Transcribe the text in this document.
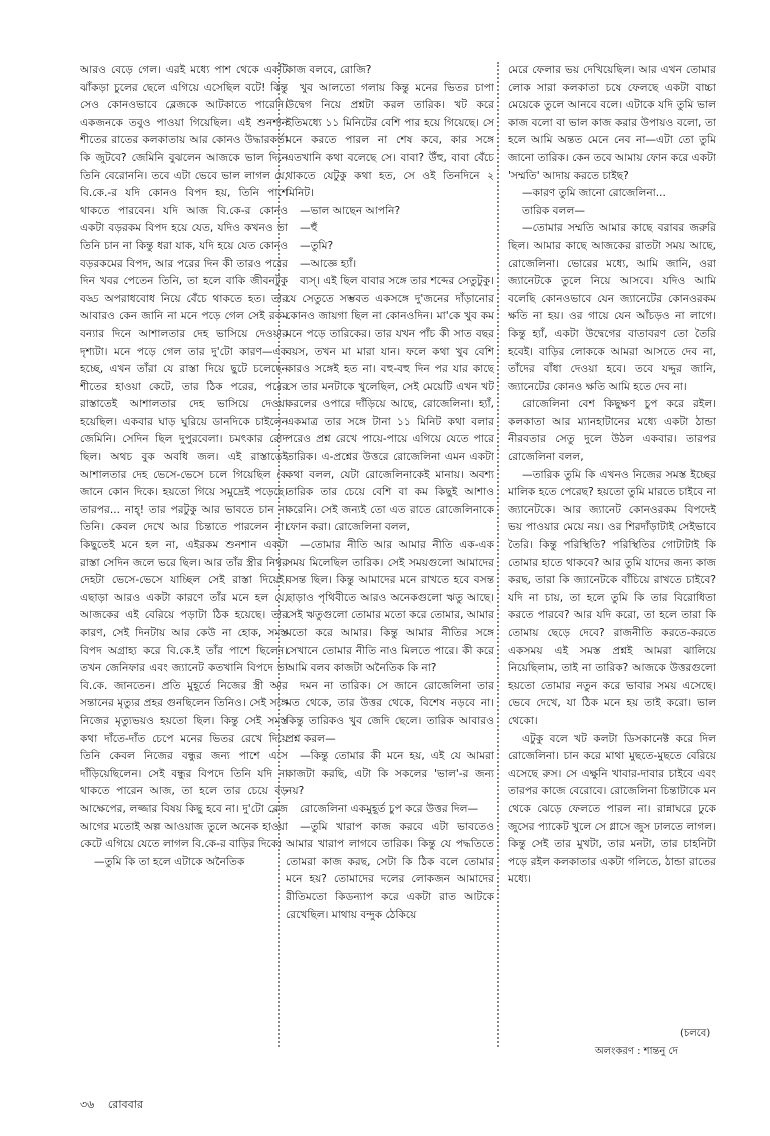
আরও বেড়ে গেল। এরই মধ্যে পাশ থেকে একটি ঝাঁকড়া চুলের ছেলে এগিয়ে এসেছিল বটে! কিন্তু সেও কোনওভাবে ব্লেজকে আটকাতে পারেনি। একজনকে তবুও পাওয়া গিয়েছিল। এই শুনশান শীতের রাতের কলকাতায় আর কোনও উদ্ধারকর্তা কি জুটবে? জেমিনি বুঝলেন আজকে ভাল দিনে তিনি বেরোননি। তবে এটা ভেবে ভাল লাগল যে, বি.কে.-র যদি কোনও বিপদ হয়, তিনি পাশে থাকতে পারবেন। যদি আজ বি.কে-র কোনও একটা বড়রকম বিপদ হয়ে যেত, যদিও কখনও তা তিনি চান না কিন্তু ধরা যাক, যদি হয়ে যেত কোনও বড়রকমের বিপদ, আর পরের দিন কী তারও পরের দিন খবর পেতেন তিনি, তা হলে বাকি জীবনটুকু বড্ড অপরাধবোধ নিয়ে বেঁচে থাকতে হত। তার আবারও কেন জানি না মনে পড়ে গেল সেই রকম বন্যার দিনে আশালতার দেহ ভাসিয়ে দেওয়ার দৃশ্যটা। মনে পড়ে গেল তার দু'টো কারণ—এক হচ্ছে, এখন তাঁরা যে রাস্তা দিয়ে ছুটে চলেছেন শীতের হাওয়া কেটে, তার ঠিক পরের, পরের রাস্তাতেই আশালতার দেহ ভাসিয়ে দেওয়া হয়েছিল। একবার ঘাড় ঘুরিয়ে ডানদিকে চাইলেন জেমিনি। সেদিন ছিল দুপুরবেলা। চমৎকার রোদ ছিল। অথচ বুক অবধি জল। এই রাস্তাতেই আশালতার দেহ ভেসে-ভেসে চলে গিয়েছিল কে জানে কোন দিকে। হয়তো গিয়ে সমুদ্রেই পড়েছে। তারপর... নাহ্! তার পরটুকু আর ভাবতে চান না তিনি। কেবল দেখে আর চিন্তাতে পারলেন না। কিছুতেই মনে হল না, এইরকম শুনশান একটা রাস্তা সেদিন জলে ভরে ছিল। আর তাঁর স্ত্রীর নিথর দেহটা ভেসে-ভেসে যাচ্ছিল সেই রাস্তা দিয়েই। এছাড়া আরও একটা কারণে তাঁর মনে হল যে, আজকের এই বেরিয়ে পড়াটা ঠিক হয়েছে। তার কারণ, সেই দিনটায় আর কেউ না হোক, সমস্ত বিপদ অগ্রাহ্য করে বি.কে.ই তাঁর পাশে ছিলেন। তখন জেনিফার এবং জ্যানেট কতখানি বিপদে তা বি.কে. জানতেন। প্রতি মুহূর্তে নিজের স্ত্রী আর সন্তানের মৃত্যুর প্রহর গুনছিলেন তিনিও। সেই সঙ্গে নিজের মৃত্যুভয়ও হয়তো ছিল। কিন্তু সেই সমস্ত কথা দাঁতে-দাঁত চেপে মনের ভিতর রেখে দিয়ে তিনি কেবল নিজের বন্ধুর জন্য পাশে এসে দাঁড়িয়েছিলেন। সেই বন্ধুর বিপদে তিনি যদি না থাকতে পারেন আজ, তা হলে তার চেয়ে বড় আক্ষেপের, লজ্জার বিষয় কিছু হবে না। দু'টো ব্লেজ আগের মতোই অল্প আওয়াজ তুলে অনেক হাওয়া কেটে এগিয়ে যেতে লাগল বি.কে-র বাড়ির দিকে।

—তুমি কি তা হলে এটাকে অনৈতিক

কাজ বলবে, রোজি?

খুব আলতো গলায় কিন্তু মনের ভিতর চাপা উদ্বেগ নিয়ে প্রশ্নটা করল তারিক। খট করে ইতিমধ্যে ১১ মিনিটের বেশি পার হয়ে গিয়েছে। সে মনে করতে পারল না শেষ কবে, কার সঙ্গে এতখানি কথা বলেছে সে। বাবা? উঁহু, বাবা বেঁচে থাকতে যেটুকু কথা হত, সে ওই তিনদিনে ২ মিনিট।

—ভাল আছেন আপনি?

—হুঁ

—তুমি?

—আজ্ঞে হ্যাঁ।

ব্যস্। এই ছিল বাবার সঙ্গে তার শব্দের সেতুটুকু। যে সেতুতে সম্ভবত একসঙ্গে দু'জনের দাঁড়ানোর কোনও জায়গা ছিল না কোনওদিন। মা'কে খুব কম মনে পড়ে তারিকের। তার যখন পাঁচ কী সাত বছর বয়স, তখন মা মারা যান। ফলে কথা খুব বেশি কারও সঙ্গেই হত না। বহু-বহু দিন পর যার কাছে সে তার মনটাকে খুলেছিল, সেই মেয়েটি এখন খট করলের ওপারে দাঁড়িয়ে আছে, রোজেলিনা। হ্যাঁ, একমাত্র তার সঙ্গে টানা ১১ মিনিট কথা বলার পরেও প্রশ্ন রেখে পায়ে-পায়ে এগিয়ে যেতে পারে তারিক। এ-প্রশ্নের উত্তরে রোজেলিনা এমন একটা কথা বলল, যেটা রোজেলিনাকেই মানায়। অবশ্য তারিক তার চেয়ে বেশি বা কম কিছুই আশাও করেনি। সেই জন্যই তো এত রাতে রোজেলিনাকে ফোন করা। রোজেলিনা বলল,

—তোমার নীতি আর আমার নীতি এক-এক সময় মিলেছিল তারিক। সেই সময়গুলো আমাদের বসন্ত ছিল। কিন্তু আমাদের মনে রাখতে হবে বসন্ত ছাড়াও পৃথিবীতে আরও অনেকগুলো ঋতু আছে। সেই ঋতুগুলো তোমার মতো করে তোমার, আমার মতো করে আমার। কিন্তু আমার নীতির সঙ্গে সেখানে তোমার নীতি নাও মিলতে পারে। কী করে আমি বলব কাজটা অনৈতিক কি না?

দমন না তারিক। সে জানে রোজেলিনা তার মত থেকে, তার উত্তর থেকে, বিশেষ নড়বে না। কিন্তু তারিকও খুব জেদি ছেলে। তারিক আবারও প্রশ্ন করল—

—কিন্তু তোমার কী মনে হয়, এই যে আমরা কাজটা করছি, এটা কি সকলের 'ভাল'-র জন্য নয়?

রোজেলিনা একমুহূর্ত চুপ করে উত্তর দিল—

—তুমি খারাপ কাজ করবে এটা ভাবতেও আমার খারাপ লাগবে তারিক। কিন্তু যে পদ্ধতিতে তোমরা কাজ করছ, সেটা কি ঠিক বলে তোমার মনে হয়? তোমাদের দলের লোকজন আমাদের রীতিমতো কিডন্যাপ করে একটা রাত আটকে রেখেছিল। মাথায় বন্দুক ঠেকিয়ে

মেরে ফেলার ভয় দেখিয়েছিল। আর এখন তোমার লোক সারা কলকাতা চষে ফেলছে একটা বাচ্চা মেয়েকে তুলে আনবে বলে। এটাকে যদি তুমি ভাল কাজ বলো বা ভাল কাজ করার উপায়ও বলো, তা হলে আমি অন্তত মেনে নেব না—এটা তো তুমি জানো তারিক। কেন তবে আমায় ফোন করে একটা 'সম্মতি' আদায় করতে চাইছ?

—কারণ তুমি জানো রোজেলিনা...

তারিক বলল—

—তোমার সম্মতি আমার কাছে বরাবর জরুরি ছিল। আমার কাছে আজকের রাতটা সময় আছে, রোজেলিনা। ভোরের মধ্যে, আমি জানি, ওরা জ্যানেটকে তুলে নিয়ে আসবে। যদিও আমি বলেছি কোনওভাবে যেন জ্যানেটের কোনওরকম ক্ষতি না হয়। ওর গায়ে যেন আঁচড়ও না লাগে। কিন্তু হ্যাঁ, একটা উদ্বেগের বাতাবরণ তো তৈরি হবেই। বাড়ির লোককে আমরা আসতে দেব না, তাঁদের বাঁধা দেওয়া হবে। তবে যদ্দুর জানি, জ্যানেটের কোনও ক্ষতি আমি হতে দেব না।

রোজেলিনা বেশ কিছুক্ষণ চুপ করে রইল। কলকাতা আর ম্যানহাটানের মধ্যে একটা ঠান্ডা নীরবতার সেতু দুলে উঠল একবার। তারপর রোজেলিনা বলল,

—তারিক তুমি কি এখনও নিজের সমস্ত ইচ্ছের মালিক হতে পেরেছ? হয়তো তুমি মারতে চাইবে না জ্যানেটকে। আর জ্যানেট কোনওরকম বিপদেই ভয় পাওয়ার মেয়ে নয়। ওর শিরদাঁড়াটাই সেইভাবে তৈরি। কিন্তু পরিস্থিতি? পরিস্থিতির গোটাটাই কি তোমার হাতে থাকবে? আর তুমি যাদের জন্য কাজ করছ, তারা কি জ্যানেটকে বাঁচিয়ে রাখতে চাইবে? যদি না চায়, তা হলে তুমি কি তার বিরোধিতা করতে পারবে? আর যদি করো, তা হলে তারা কি তোমায় ছেড়ে দেবে? রাজনীতি করতে-করতে একসময় এই সমস্ত প্রশ্নই আমরা ঝালিয়ে নিয়েছিলাম, তাই না তারিক? আজকে উত্তরগুলো হয়তো তোমার নতুন করে ভাবার সময় এসেছে। ভেবে দেখে, যা ঠিক মনে হয় তাই করো। ভাল থেকো।

এটুকু বলে খট কলটা ডিসকানেক্ট করে দিল রোজেলিনা। চান করে মাথা মুছতে-মুছতে বেরিয়ে এসেছে রুস। সে এক্ষুনি খাবার-দাবার চাইবে এবং তারপর কাজে বেরোবে। রোজেলিনা চিন্তাটাকে মন থেকে ঝেড়ে ফেলতে পারল না। রান্নাঘরে ঢুকে জুসের প্যাকেট খুলে সে গ্লাসে জুস ঢালতে লাগল। কিন্তু সেই তার মুখটা, তার মনটা, তার চাহনিটা পড়ে রইল কলকাতার একটা গলিতে, ঠান্ডা রাতের মধ্যে।

(চলবে)
অলংকরণ : শান্তনু দে
৩৬ রোববার
